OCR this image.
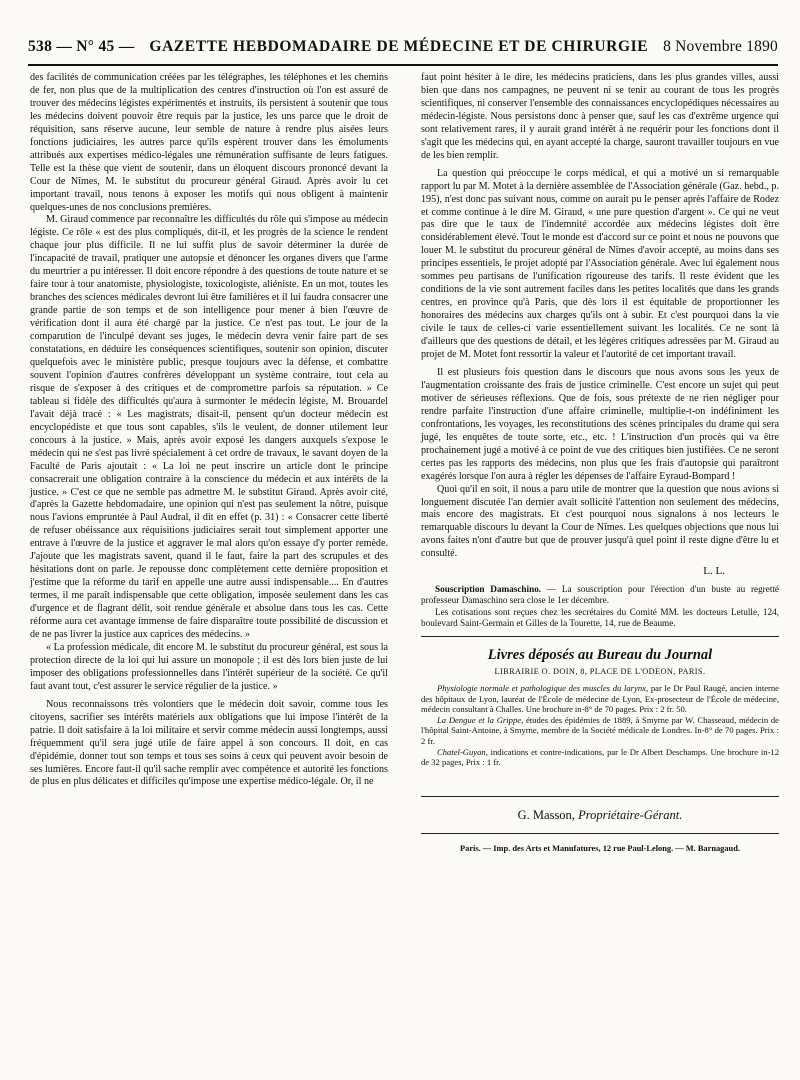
538 — N° 45 — GAZETTE HEBDOMADAIRE DE MÉDECINE ET DE CHIRURGIE 8 Novembre 1890

des facilités de communication créées par les télégraphes, les téléphones et les chemins de fer, non plus que de la multiplication des centres d'instruction où l'on est assuré de trouver des médecins légistes expérimentés et instruits, ils persistent à soutenir que tous les médecins doivent pouvoir être requis par la justice, les uns parce que le droit de réquisition, sans réserve aucune, leur semble de nature à rendre plus aisées leurs fonctions judiciaires, les autres parce qu'ils espèrent trouver dans les émoluments attribués aux expertises médico-légales une rémunération suffisante de leurs fatigues. Telle est la thèse que vient de soutenir, dans un éloquent discours prononcé devant la Cour de Nîmes, M. le substitut du procureur général Giraud. Après avoir lu cet important travail, nous tenons à exposer les motifs qui nous obligent à maintenir quelques-unes de nos conclusions premières.

M. Giraud commence par reconnaître les difficultés du rôle qui s'impose au médecin légiste. Ce rôle « est des plus compliqués, dit-il, et les progrès de la science le rendent chaque jour plus difficile. Il ne lui suffit plus de savoir déterminer la durée de l'incapacité de travail, pratiquer une autopsie et dénoncer les organes divers que l'arme du meurtrier a pu intéresser. Il doit encore répondre à des questions de toute nature et se faire tour à tour anatomiste, physiologiste, toxicologiste, aliéniste. En un mot, toutes les branches des sciences médicales devront lui être familières et il lui faudra consacrer une grande partie de son temps et de son intelligence pour mener à bien l'œuvre de vérification dont il aura été chargé par la justice. Ce n'est pas tout. Le jour de la comparution de l'inculpé devant ses juges, le médecin devra venir faire part de ses constatations, en déduire les conséquences scientifiques, soutenir son opinion, discuter quelquefois avec le ministère public, presque toujours avec la défense, et combattre souvent l'opinion d'autres confrères développant un système contraire, tout cela au risque de s'exposer à des critiques et de compromettre parfois sa réputation. » Ce tableau si fidèle des difficultés qu'aura à surmonter le médecin légiste, M. Brouardel l'avait déjà tracé : « Les magistrats, disait-il, pensent qu'un docteur médecin est encyclopédiste et que tous sont capables, s'ils le veulent, de donner utilement leur concours à la justice. » Mais, après avoir exposé les dangers auxquels s'expose le médecin qui ne s'est pas livré spécialement à cet ordre de travaux, le savant doyen de la Faculté de Paris ajoutait : « La loi ne peut inscrire un article dont le principe consacrerait une obligation contraire à la conscience du médecin et aux intérêts de la justice. » C'est ce que ne semble pas admettre M. le substitut Giraud. Après avoir cité, d'après la Gazette hebdomadaire, une opinion qui n'est pas seulement la nôtre, puisque nous l'avions empruntée à Paul Audral, il dit en effet (p. 31) : « Consacrer cette liberté de refuser obéissance aux réquisitions judiciaires serait tout simplement apporter une entrave à l'œuvre de la justice et aggraver le mal alors qu'on essaye d'y porter remède. J'ajoute que les magistrats savent, quand il le faut, faire la part des scrupules et des hésitations dont on parle. Je repousse donc complètement cette dernière proposition et j'estime que la réforme du tarif en appelle une autre aussi indispensable.... En d'autres termes, il me paraît indispensable que cette obligation, imposée seulement dans les cas d'urgence et de flagrant délit, soit rendue générale et absolue dans tous les cas. Cette réforme aura cet avantage immense de faire disparaître toute possibilité de discussion et de ne pas livrer la justice aux caprices des médecins. »

« La profession médicale, dit encore M. le substitut du procureur général, est sous la protection directe de la loi qui lui assure un monopole ; il est dès lors bien juste de lui imposer des obligations professionnelles dans l'intérêt supérieur de la société. Ce qu'il faut avant tout, c'est assurer le service régulier de la justice. »

Nous reconnaissons très volontiers que le médecin doit savoir, comme tous les citoyens, sacrifier ses intérêts matériels aux obligations que lui impose l'intérêt de la patrie. Il doit satisfaire à la loi militaire et servir comme médecin aussi longtemps, aussi fréquemment qu'il sera jugé utile de faire appel à son concours. Il doit, en cas d'épidémie, donner tout son temps et tous ses soins à ceux qui peuvent avoir besoin de ses lumières. Encore faut-il qu'il sache remplir avec compétence et autorité les fonctions de plus en plus délicates et difficiles qu'impose une expertise médico-légale. Or, il ne

faut point hésiter à le dire, les médecins praticiens, dans les plus grandes villes, aussi bien que dans nos campagnes, ne peuvent ni se tenir au courant de tous les progrès scientifiques, ni conserver l'ensemble des connaissances encyclopédiques nécessaires au médecin-légiste. Nous persistons donc à penser que, sauf les cas d'extrême urgence qui sont relativement rares, il y aurait grand intérêt à ne requérir pour les fonctions dont il s'agit que les médecins qui, en ayant accepté la charge, sauront travailler toujours en vue de les bien remplir.

La question qui préoccupe le corps médical, et qui a motivé un si remarquable rapport lu par M. Motet à la dernière assemblée de l'Association générale (Gaz. hebd., p. 195), n'est donc pas suivant nous, comme on aurait pu le penser après l'affaire de Rodez et comme continue à le dire M. Giraud, « une pure question d'argent ». Ce qui ne veut pas dire que le taux de l'indemnité accordée aux médecins légistes doit être considérablement élevé. Tout le monde est d'accord sur ce point et nous ne pouvons que louer M. le substitut du procureur général de Nîmes d'avoir accepté, au moins dans ses principes essentiels, le projet adopté par l'Association générale. Avec lui également nous sommes peu partisans de l'unification rigoureuse des tarifs. Il reste évident que les conditions de la vie sont autrement faciles dans les petites localités que dans les grands centres, en province qu'à Paris, que dès lors il est équitable de proportionner les honoraires des médecins aux charges qu'ils ont à subir. Et c'est pourquoi dans la vie civile le taux de celles-ci varie essentiellement suivant les localités. Ce ne sont là d'ailleurs que des questions de détail, et les légères critiques adressées par M. Giraud au projet de M. Motet font ressortir la valeur et l'autorité de cet important travail.

Il est plusieurs fois question dans le discours que nous avons sous les yeux de l'augmentation croissante des frais de justice criminelle. C'est encore un sujet qui peut motiver de sérieuses réflexions. Que de fois, sous prétexte de ne rien négliger pour rendre parfaite l'instruction d'une affaire criminelle, multiplie-t-on indéfiniment les confrontations, les voyages, les reconstitutions des scènes principales du drame qui sera jugé, les enquêtes de toute sorte, etc., etc. ! L'instruction d'un procès qui va être prochainement jugé a motivé à ce point de vue des critiques bien justifiées. Ce ne seront certes pas les rapports des médecins, non plus que les frais d'autopsie qui paraîtront exagérés lorsque l'on aura à régler les dépenses de l'affaire Eyraud-Bompard !

Quoi qu'il en soit, il nous a paru utile de montrer que la question que nous avions si longuement discutée l'an dernier avait sollicité l'attention non seulement des médecins, mais encore des magistrats. Et c'est pourquoi nous signalons à nos lecteurs le remarquable discours lu devant la Cour de Nîmes. Les quelques objections que nous lui avons faites n'ont d'autre but que de prouver jusqu'à quel point il reste digne d'être lu et consulté.

L. L.

Souscription Damaschino. — La souscription pour l'érection d'un buste au regretté professeur Damaschino sera close le 1er décembre.

Les cotisations sont reçues chez les secrétaires du Comité MM. les docteurs Letulle, 124, boulevard Saint-Germain et Gilles de la Tourette, 14, rue de Beaume.

Livres déposés au Bureau du Journal
LIBRAIRIE O. DOIN, 8, PLACE DE L'ODEON, PARIS.

Physiologie normale et pathologique des muscles du larynx, par le Dr Paul Raugé, ancien interne des hôpitaux de Lyon, lauréat de l'École de médecine de Lyon, Ex-prosecteur de l'École de médecine, médecin consultant à Challes. Une brochure in-8° de 70 pages. Prix : 2 fr. 50.

La Dengue et la Grippe, études des épidémies de 1889, à Smyrne par W. Chasseaud, médecin de l'hôpital Saint-Antoine, à Smyrne, membre de la Société médicale de Londres. In-8° de 70 pages. Prix : 2 fr.

Chatel-Guyon, indications et contre-indications, par le Dr Albert Deschamps. Une brochure in-12 de 32 pages, Prix : 1 fr.

G. Masson, Propriétaire-Gérant.
Paris. — Imp. des Arts et Manufatures, 12 rue Paul-Lelong. — M. Barnagaud.
